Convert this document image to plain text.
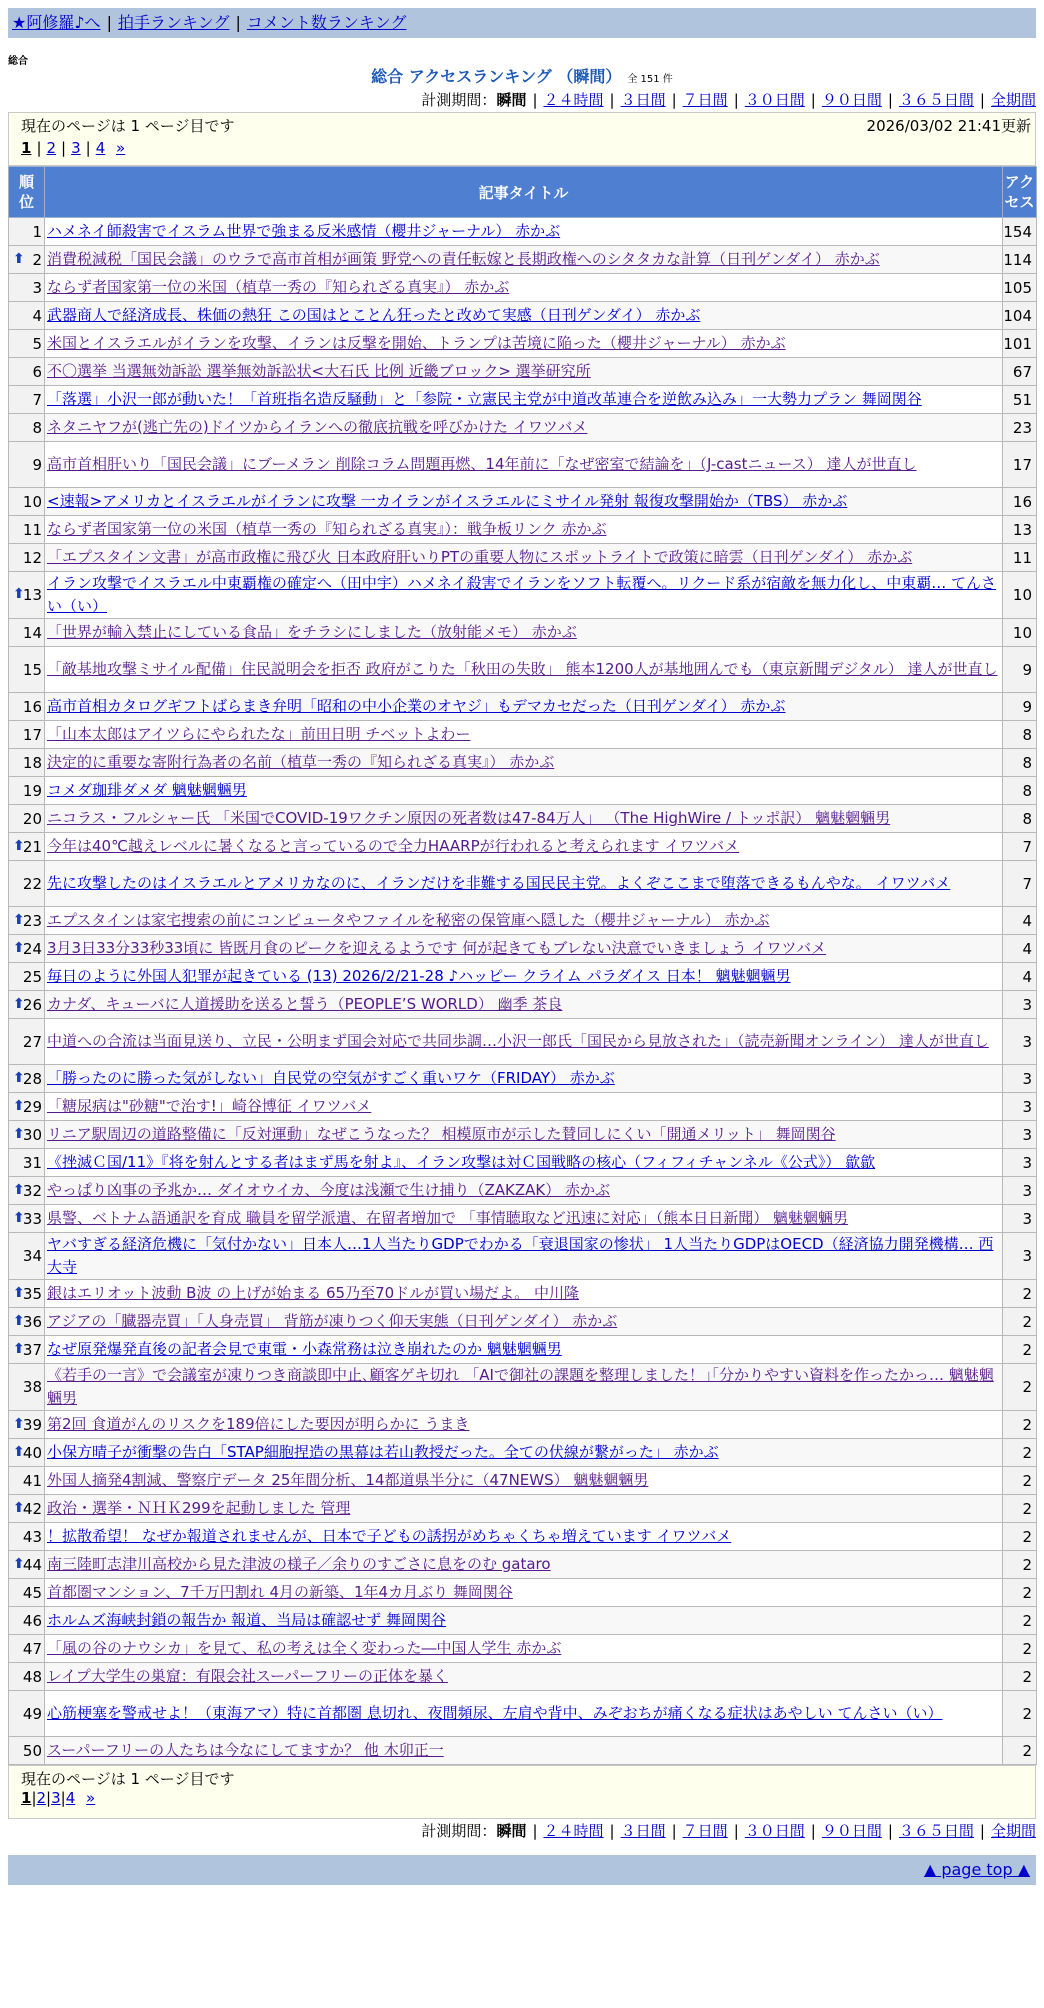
★阿修羅♪へ | 拍手ランキング | コメント数ランキング
総合
総合 アクセスランキング （瞬間） 全 151 件
計測期間：瞬間 | ２４時間 | ３日間 | ７日間 | ３０日間 | ９０日間 | ３６５日間 | 全期間
現在のページは 1 ページ目です	2026/03/02 21:41更新
1 | 2 | 3 | 4 »
順位	記事タイトル	アクセス
1	ハメネイ師殺害でイスラム世界で強まる反米感情（櫻井ジャーナル） 赤かぶ	154

⬆ 2	消費税減税「国民会議」のウラで高市首相が画策 野党への責任転嫁と長期政権へのシタタカな計算（日刊ゲンダイ） 赤かぶ	114
3	ならず者国家第一位の米国（植草一秀の『知られざる真実』） 赤かぶ	105
4	武器商人で経済成長、株価の熱狂 この国はとことん狂ったと改めて実感（日刊ゲンダイ） 赤かぶ	104
5	米国とイスラエルがイランを攻撃、イランは反撃を開始、トランプは苦境に陥った（櫻井ジャーナル） 赤かぶ	101
6	不〇選挙 当選無効訴訟 選挙無効訴訟状<大石氏 比例 近畿ブロック> 選挙研究所	67
7	「落選」小沢一郎が動いた！「首班指名造反騒動」と「参院・立憲民主党が中道改革連合を逆飲み込み」一大勢力プラン 舞岡関谷	51
8	ネタニヤフが(逃亡先の)ドイツからイランへの徹底抗戦を呼びかけた イワツバメ	23
9	高市首相肝いり「国民会議」にブーメラン 削除コラム問題再燃、14年前に「なぜ密室で結論を」（J-castニュース） 達人が世直し	17
10	<速報>アメリカとイスラエルがイランに攻撃 一カイランがイスラエルにミサイル発射 報復攻撃開始か（TBS） 赤かぶ	16
11	ならず者国家第一位の米国（植草一秀の『知られざる真実』）：戦争板リンク 赤かぶ	13
12	「エプスタイン文書」が高市政権に飛び火 日本政府肝いりPTの重要人物にスポットライトで政策に暗雲（日刊ゲンダイ） 赤かぶ	11

⬆
13	イラン攻撃でイスラエル中東覇権の確定へ（田中宇）ハメネイ殺害でイランをソフト転覆へ。リクード系が宿敵を無力化し、中東覇… てんさい（い）	10
14	「世界が輸入禁止にしている食品」をチラシにしました（放射能メモ） 赤かぶ	10
15	「敵基地攻撃ミサイル配備」住民説明会を拒否 政府がこりた「秋田の失敗」 熊本1200人が基地囲んでも（東京新聞デジタル） 達人が世直し	9
16	高市首相カタログギフトばらまき弁明「昭和の中小企業のオヤジ」もデマカセだった（日刊ゲンダイ） 赤かぶ	9
17	「山本太郎はアイツらにやられたな」前田日明 チベットよわー	8
18	決定的に重要な寄附行為者の名前（植草一秀の『知られざる真実』） 赤かぶ	8
19	コメダ珈琲ダメダ 魑魅魍魎男	8
20	ニコラス・フルシャー氏 「米国でCOVID-19ワクチン原因の死者数は47-84万人」 （The HighWire / トッポ訳） 魑魅魍魎男	8

⬆
21	今年は40℃越えレベルに暑くなると言っているので全力HAARPが行われると考えられます イワツバメ	7
22	先に攻撃したのはイスラエルとアメリカなのに、イランだけを非難する国民民主党。よくぞここまで堕落できるもんやな。 イワツバメ	7

⬆
23	エプスタインは家宅捜索の前にコンピュータやファイルを秘密の保管庫へ隠した（櫻井ジャーナル） 赤かぶ	4

⬆
24	3月3日33分33秒33頃に 皆既月食のピークを迎えるようです 何が起きてもブレない決意でいきましょう イワツバメ	4
25	毎日のように外国人犯罪が起きている (13) 2026/2/21-28 ♪ハッピー クライム パラダイス 日本！ 魑魅魍魎男	4

⬆
26	カナダ、キューバに人道援助を送ると誓う（PEOPLE’S WORLD） 幽季 茶良	3
27	中道への合流は当面見送り、立民・公明まず国会対応で共同歩調…小沢一郎氏「国民から見放された」（読売新聞オンライン） 達人が世直し	3

⬆
28	「勝ったのに勝った気がしない」自民党の空気がすごく重いワケ（FRIDAY） 赤かぶ	3

⬆
29	「糖尿病は"砂糖"で治す!」崎谷博征 イワツバメ	3

⬆
30	リニア駅周辺の道路整備に「反対運動」なぜこうなった？ 相模原市が示した賛同しにくい「開通メリット」 舞岡関谷	3
31	《挫滅Ｃ国/11》『将を射んとする者はまず馬を射よ』、イラン攻撃は対Ｃ国戦略の核心（フィフィチャンネル《公式》） 歙歙	3

⬆
32	やっぱり凶事の予兆か… ダイオウイカ、今度は浅瀬で生け捕り（ZAKZAK） 赤かぶ	3

⬆
33	県警、ベトナム語通訳を育成 職員を留学派遣、在留者増加で 「事情聴取など迅速に対応」（熊本日日新聞） 魑魅魍魎男	3
34	ヤバすぎる経済危機に「気付かない」日本人…1人当たりGDPでわかる「衰退国家の惨状」 1人当たりGDPはOECD（経済協力開発機構… 西大寺	3

⬆
35	銀はエリオット波動 B波 の上げが始まる 65乃至70ドルが買い場だよ。 中川隆	2

⬆
36	アジアの「臓器売買」「人身売買」 背筋が凍りつく仰天実態（日刊ゲンダイ） 赤かぶ	2

⬆
37	なぜ原発爆発直後の記者会見で東電・小森常務は泣き崩れたのか 魑魅魍魎男	2
38	《若手の一言》で会議室が凍りつき商談即中止､顧客ゲキ切れ 「AIで御社の課題を整理しました！｣｢分かりやすい資料を作ったかっ… 魑魅魍魎男	2

⬆
39	第2回 食道がんのリスクを189倍にした要因が明らかに うまき	2

⬆
40	小保方晴子が衝撃の告白「STAP細胞捏造の黒幕は若山教授だった。全ての伏線が繋がった」 赤かぶ	2
41	外国人摘発4割減、警察庁データ 25年間分析、14都道県半分に（47NEWS） 魑魅魍魎男	2

⬆
42	政治・選挙・ＮＨＫ299を起動しました 管理	2
43	！拡散希望！ なぜか報道されませんが、日本で子どもの誘拐がめちゃくちゃ増えています イワツバメ	2

⬆
44	南三陸町志津川高校から見た津波の様子／余りのすごさに息をのむ gataro	2
45	首都圏マンション、7千万円割れ 4月の新築、1年4カ月ぶり 舞岡関谷	2
46	ホルムズ海峡封鎖の報告か 報道、当局は確認せず 舞岡関谷	2
47	「風の谷のナウシカ」を見て、私の考えは全く変わった―中国人学生 赤かぶ	2
48	レイプ大学生の巣窟：有限会社スーパーフリーの正体を暴く	2
49	心筋梗塞を警戒せよ！（東海アマ）特に首都圏 息切れ、夜間頻尿、左肩や背中、みぞおちが痛くなる症状はあやしい てんさい（い）	2
50	スーパーフリーの人たちは今なにしてますか？ 他 木卯正一	2
現在のページは 1 ページ目です
1|2|3|4 »
計測期間：瞬間 | ２４時間 | ３日間 | ７日間 | ３０日間 | ９０日間 | ３６５日間 | 全期間
▲ page top ▲
